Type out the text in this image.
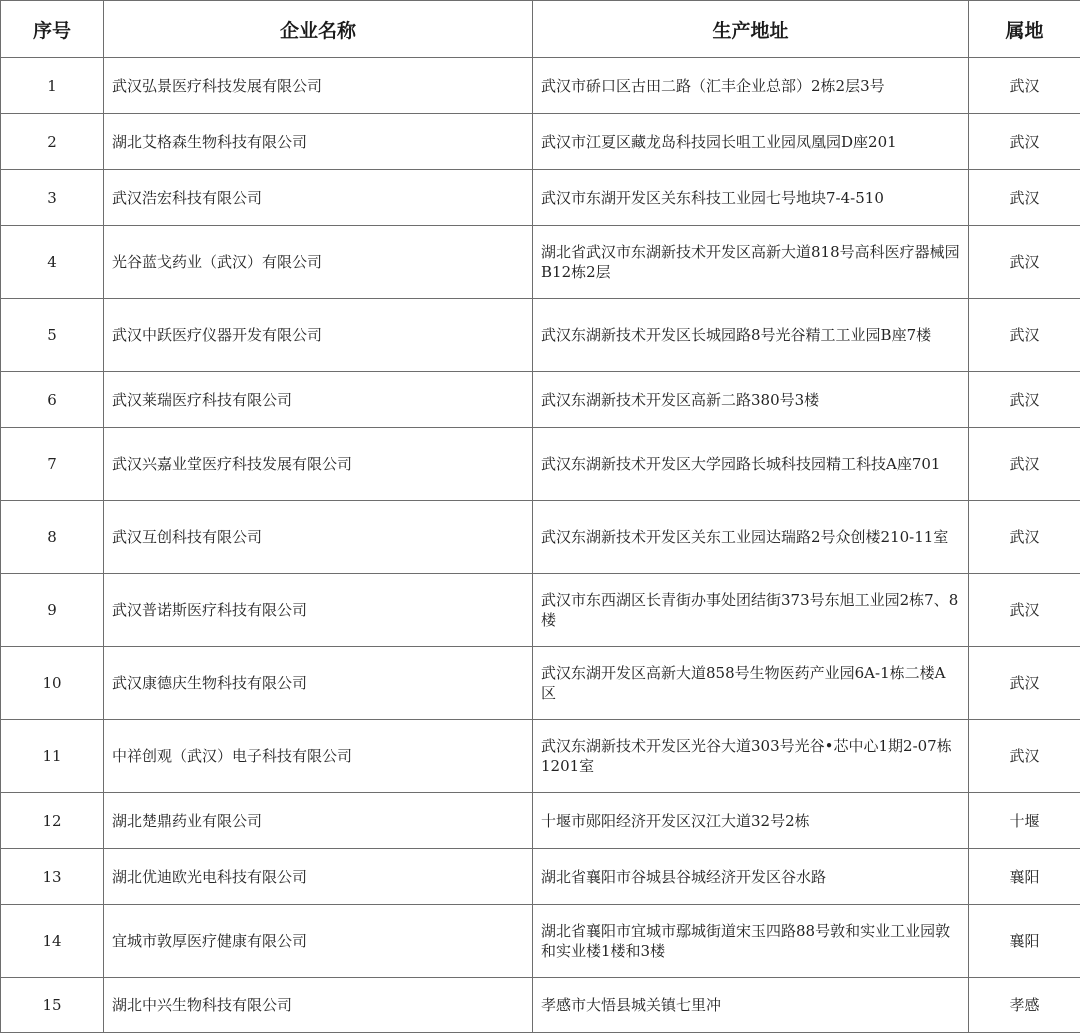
序号	企业名称	生产地址	属地
1	武汉弘景医疗科技发展有限公司	武汉市硚口区古田二路（汇丰企业总部）2栋2层3号	武汉
2	湖北艾格森生物科技有限公司	武汉市江夏区藏龙岛科技园长咀工业园凤凰园D座201	武汉
3	武汉浩宏科技有限公司	武汉市东湖开发区关东科技工业园七号地块7-4-510	武汉
4	光谷蓝戈药业（武汉）有限公司	湖北省武汉市东湖新技术开发区高新大道818号高科医疗器械园B12栋2层	武汉
5	武汉中跃医疗仪器开发有限公司	武汉东湖新技术开发区长城园路8号光谷精工工业园B座7楼	武汉
6	武汉莱瑞医疗科技有限公司	武汉东湖新技术开发区高新二路380号3楼	武汉
7	武汉兴嘉业堂医疗科技发展有限公司	武汉东湖新技术开发区大学园路长城科技园精工科技A座701	武汉
8	武汉互创科技有限公司	武汉东湖新技术开发区关东工业园达瑞路2号众创楼210-11室	武汉
9	武汉普诺斯医疗科技有限公司	武汉市东西湖区长青街办事处团结街373号东旭工业园2栋7、8楼	武汉
10	武汉康德庆生物科技有限公司	武汉东湖开发区高新大道858号生物医药产业园6A-1栋二楼A区	武汉
11	中祥创观（武汉）电子科技有限公司	武汉东湖新技术开发区光谷大道303号光谷•芯中心1期2-07栋1201室	武汉
12	湖北楚鼎药业有限公司	十堰市郧阳经济开发区汉江大道32号2栋	十堰
13	湖北优迪欧光电科技有限公司	湖北省襄阳市谷城县谷城经济开发区谷水路	襄阳
14	宜城市敦厚医疗健康有限公司	湖北省襄阳市宜城市鄢城街道宋玉四路88号敦和实业工业园敦和实业楼1楼和3楼	襄阳
15	湖北中兴生物科技有限公司	孝感市大悟县城关镇七里冲	孝感
